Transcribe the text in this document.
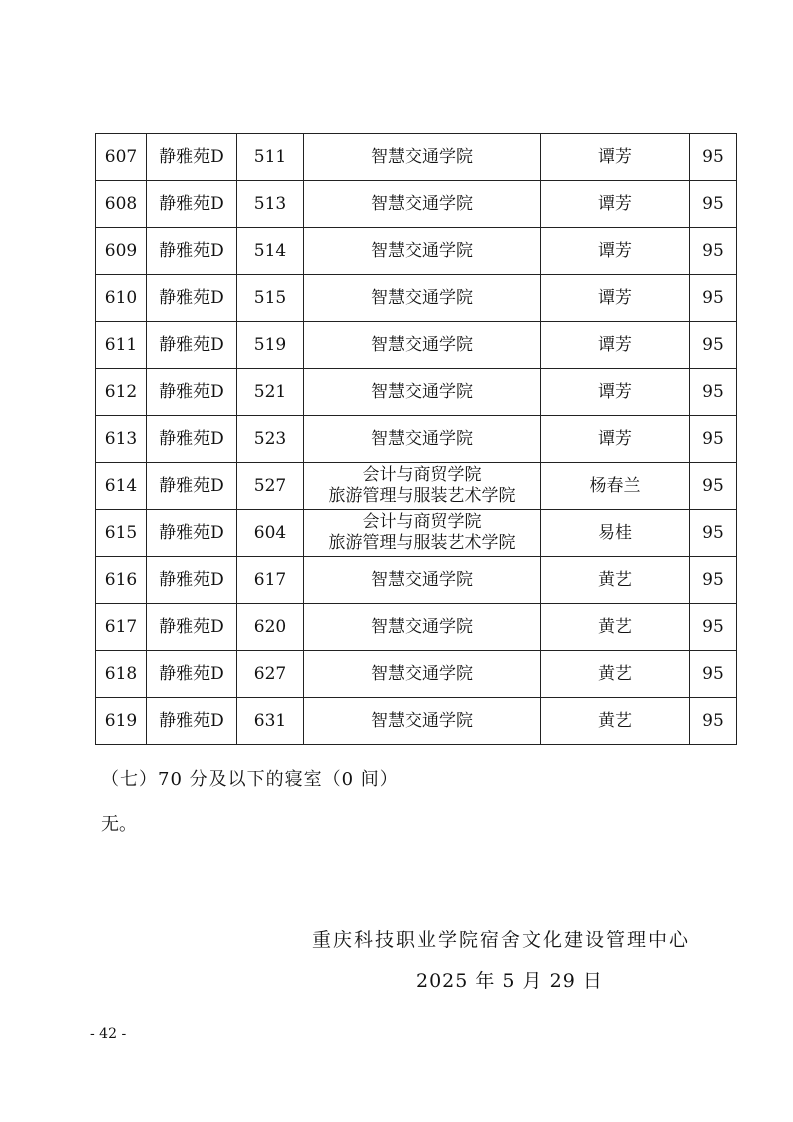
607	静雅苑D	511	智慧交通学院	谭芳	95
608	静雅苑D	513	智慧交通学院	谭芳	95
609	静雅苑D	514	智慧交通学院	谭芳	95
610	静雅苑D	515	智慧交通学院	谭芳	95
611	静雅苑D	519	智慧交通学院	谭芳	95
612	静雅苑D	521	智慧交通学院	谭芳	95
613	静雅苑D	523	智慧交通学院	谭芳	95
614	静雅苑D	527	会计与商贸学院
旅游管理与服装艺术学院	杨春兰	95
615	静雅苑D	604	会计与商贸学院
旅游管理与服装艺术学院	易桂	95
616	静雅苑D	617	智慧交通学院	黄艺	95
617	静雅苑D	620	智慧交通学院	黄艺	95
618	静雅苑D	627	智慧交通学院	黄艺	95
619	静雅苑D	631	智慧交通学院	黄艺	95
（七）70 分及以下的寝室（0 间）
无。
重庆科技职业学院宿舍文化建设管理中心
2025 年 5 月 29 日
- 42 -
